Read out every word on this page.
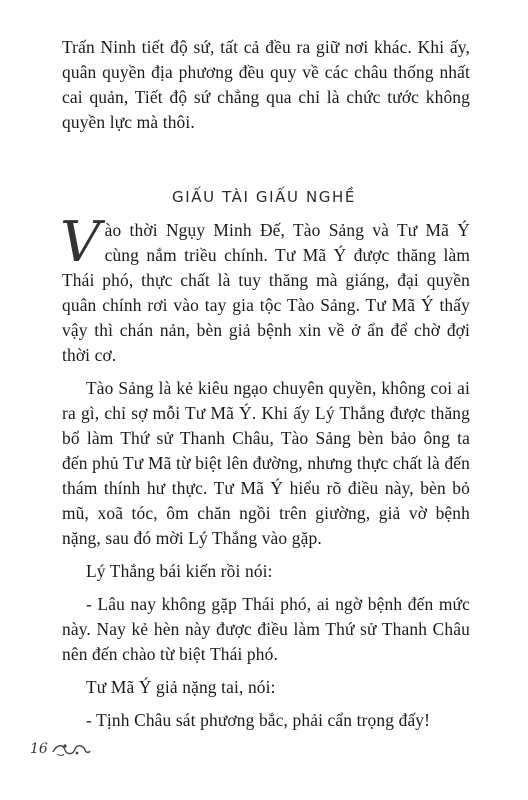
Trấn Ninh tiết độ sứ, tất cả đều ra giữ nơi khác. Khi ấy, quân quyền địa phương đều quy về các châu thống nhất cai quản, Tiết độ sứ chẳng qua chỉ là chức tước không quyền lực mà thôi.

GIẤU TÀI GIẤU NGHỀ

Vào thời Ngụy Minh Đế, Tào Sảng và Tư Mã Ý cùng nắm triều chính. Tư Mã Ý được thăng làm Thái phó, thực chất là tuy thăng mà giáng, đại quyền quân chính rơi vào tay gia tộc Tào Sảng. Tư Mã Ý thấy vậy thì chán nản, bèn giả bệnh xin về ở ẩn để chờ đợi thời cơ.

Tào Sảng là kẻ kiêu ngạo chuyên quyền, không coi ai ra gì, chỉ sợ mỗi Tư Mã Ý. Khi ấy Lý Thắng được thăng bổ làm Thứ sử Thanh Châu, Tào Sảng bèn bảo ông ta đến phủ Tư Mã từ biệt lên đường, nhưng thực chất là đến thám thính hư thực. Tư Mã Ý hiểu rõ điều này, bèn bỏ mũ, xoã tóc, ôm chăn ngồi trên giường, giả vờ bệnh nặng, sau đó mời Lý Thắng vào gặp.

Lý Thắng bái kiến rồi nói:

- Lâu nay không gặp Thái phó, ai ngờ bệnh đến mức này. Nay kẻ hèn này được điều làm Thứ sử Thanh Châu nên đến chào từ biệt Thái phó.

Tư Mã Ý giả nặng tai, nói:

- Tịnh Châu sát phương bắc, phải cẩn trọng đấy!

16
